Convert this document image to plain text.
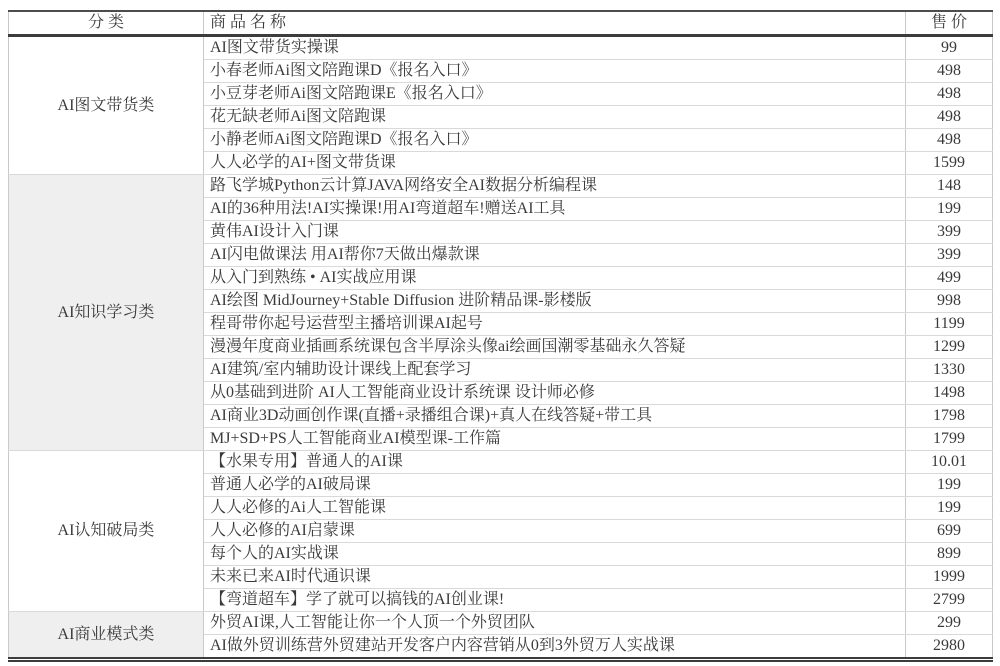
分 类	商 品 名 称	售 价
AI图文带货类	AI图文带货实操课	99
	小春老师Ai图文陪跑课D《报名入口》	498
	小豆芽老师Ai图文陪跑课E《报名入口》	498
	花无缺老师Ai图文陪跑课	498
	小静老师Ai图文陪跑课D《报名入口》	498
	人人必学的AI+图文带货课	1599
AI知识学习类	路飞学城Python云计算JAVA网络安全AI数据分析编程课	148
	AI的36种用法!AI实操课!用AI弯道超车!赠送AI工具	199
	黄伟AI设计入门课	399
	AI闪电做课法 用AI帮你7天做出爆款课	399
	从入门到熟练 • AI实战应用课	499
	AI绘图 MidJourney+Stable Diffusion 进阶精品课-影楼版	998
	程哥带你起号运营型主播培训课AI起号	1199
	漫漫年度商业插画系统课包含半厚涂头像ai绘画国潮零基础永久答疑	1299
	AI建筑/室内辅助设计课线上配套学习	1330
	从0基础到进阶 AI人工智能商业设计系统课 设计师必修	1498
	AI商业3D动画创作课(直播+录播组合课)+真人在线答疑+带工具	1798
	MJ+SD+PS人工智能商业AI模型课-工作篇	1799
AI认知破局类	【水果专用】普通人的AI课	10.01
	普通人必学的AI破局课	199
	人人必修的Ai人工智能课	199
	人人必修的AI启蒙课	699
	每个人的AI实战课	899
	未来已来AI时代通识课	1999
	【弯道超车】学了就可以搞钱的AI创业课!	2799
AI商业模式类	外贸AI课,人工智能让你一个人顶一个外贸团队	299
	AI做外贸训练营外贸建站开发客户内容营销从0到3外贸万人实战课	2980
